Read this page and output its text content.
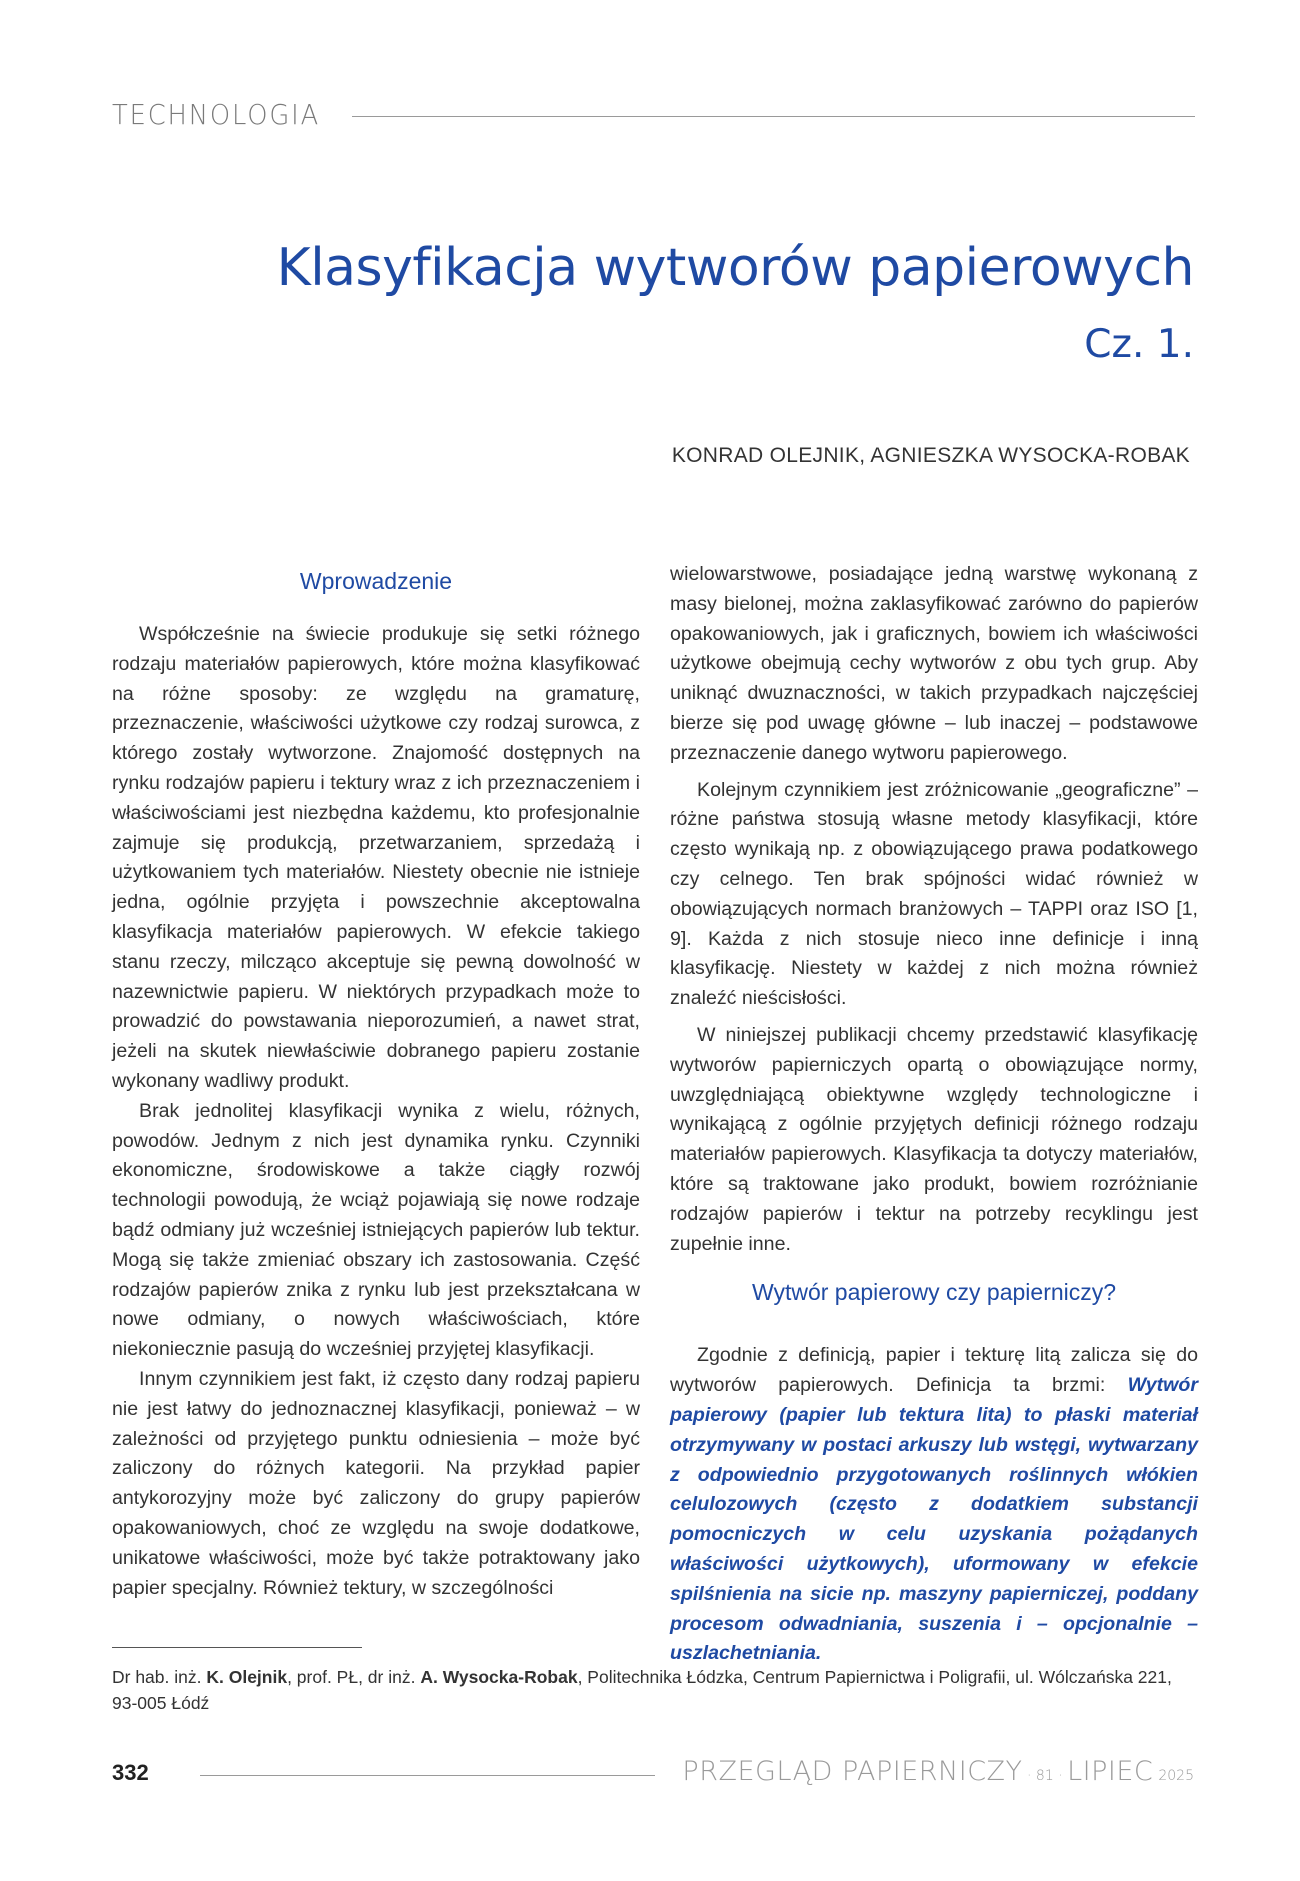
TECHNOLOGIA
Klasyfikacja wytworów papierowych
Cz. 1.
KONRAD OLEJNIK, AGNIESZKA WYSOCKA-ROBAK
Wprowadzenie

Współcześnie na świecie produkuje się setki różnego rodzaju materiałów papierowych, które można klasyfikować na różne sposoby: ze względu na gramaturę, przeznaczenie, właściwości użytkowe czy rodzaj surowca, z którego zostały wytworzone. Znajomość dostępnych na rynku rodzajów papieru i tektury wraz z ich przeznaczeniem i właściwościami jest niezbędna każdemu, kto profesjonalnie zajmuje się produkcją, przetwarzaniem, sprzedażą i użytkowaniem tych materiałów. Niestety obecnie nie istnieje jedna, ogólnie przyjęta i powszechnie akceptowalna klasyfikacja materiałów papierowych. W efekcie takiego stanu rzeczy, milcząco akceptuje się pewną dowolność w nazewnictwie papieru. W niektórych przypadkach może to prowadzić do powstawania nieporozumień, a nawet strat, jeżeli na skutek niewłaściwie dobranego papieru zostanie wykonany wadliwy produkt.

Brak jednolitej klasyfikacji wynika z wielu, różnych, powodów. Jednym z nich jest dynamika rynku. Czynniki ekonomiczne, środowiskowe a także ciągły rozwój technologii powodują, że wciąż pojawiają się nowe rodzaje bądź odmiany już wcześniej istniejących papierów lub tektur. Mogą się także zmieniać obszary ich zastosowania. Część rodzajów papierów znika z rynku lub jest przekształcana w nowe odmiany, o nowych właściwościach, które niekoniecznie pasują do wcześniej przyjętej klasyfikacji.

Innym czynnikiem jest fakt, iż często dany rodzaj papieru nie jest łatwy do jednoznacznej klasyfikacji, ponieważ – w zależności od przyjętego punktu odniesienia – może być zaliczony do różnych kategorii. Na przykład papier antykorozyjny może być zaliczony do grupy papierów opakowaniowych, choć ze względu na swoje dodatkowe, unikatowe właściwości, może być także potraktowany jako papier specjalny. Również tektury, w szczególności

wielowarstwowe, posiadające jedną warstwę wykonaną z masy bielonej, można zaklasyfikować zarówno do papierów opakowaniowych, jak i graficznych, bowiem ich właściwości użytkowe obejmują cechy wytworów z obu tych grup. Aby uniknąć dwuznaczności, w takich przypadkach najczęściej bierze się pod uwagę główne – lub inaczej – podstawowe przeznaczenie danego wytworu papierowego.

Kolejnym czynnikiem jest zróżnicowanie „geograficzne” – różne państwa stosują własne metody klasyfikacji, które często wynikają np. z obowiązującego prawa podatkowego czy celnego. Ten brak spójności widać również w obowiązujących normach branżowych – TAPPI oraz ISO [1, 9]. Każda z nich stosuje nieco inne definicje i inną klasyfikację. Niestety w każdej z nich można również znaleźć nieścisłości.

W niniejszej publikacji chcemy przedstawić klasyfikację wytworów papierniczych opartą o obowiązujące normy, uwzględniającą obiektywne względy technologiczne i wynikającą z ogólnie przyjętych definicji różnego rodzaju materiałów papierowych. Klasyfikacja ta dotyczy materiałów, które są traktowane jako produkt, bowiem rozróżnianie rodzajów papierów i tektur na potrzeby recyklingu jest zupełnie inne.

Wytwór papierowy czy papierniczy?

Zgodnie z definicją, papier i tekturę litą zalicza się do wytworów papierowych. Definicja ta brzmi: Wytwór papierowy (papier lub tektura lita) to płaski materiał otrzymywany w postaci arkuszy lub wstęgi, wytwarzany z odpowiednio przygotowanych roślinnych włókien celulozowych (często z dodatkiem substancji pomocniczych w celu uzyskania pożądanych właściwości użytkowych), uformowany w efekcie spilśnienia na sicie np. maszyny papierniczej, poddany procesom odwadniania, suszenia i – opcjonalnie – uszlachetniania.

Dr hab. inż. K. Olejnik, prof. PŁ, dr inż. A. Wysocka-Robak, Politechnika Łódzka, Centrum Papiernictwa i Poligrafii, ul. Wólczańska 221, 93-005 Łódź
332	PRZEGLĄD PAPIERNICZY · 81 · LIPIEC 2025
